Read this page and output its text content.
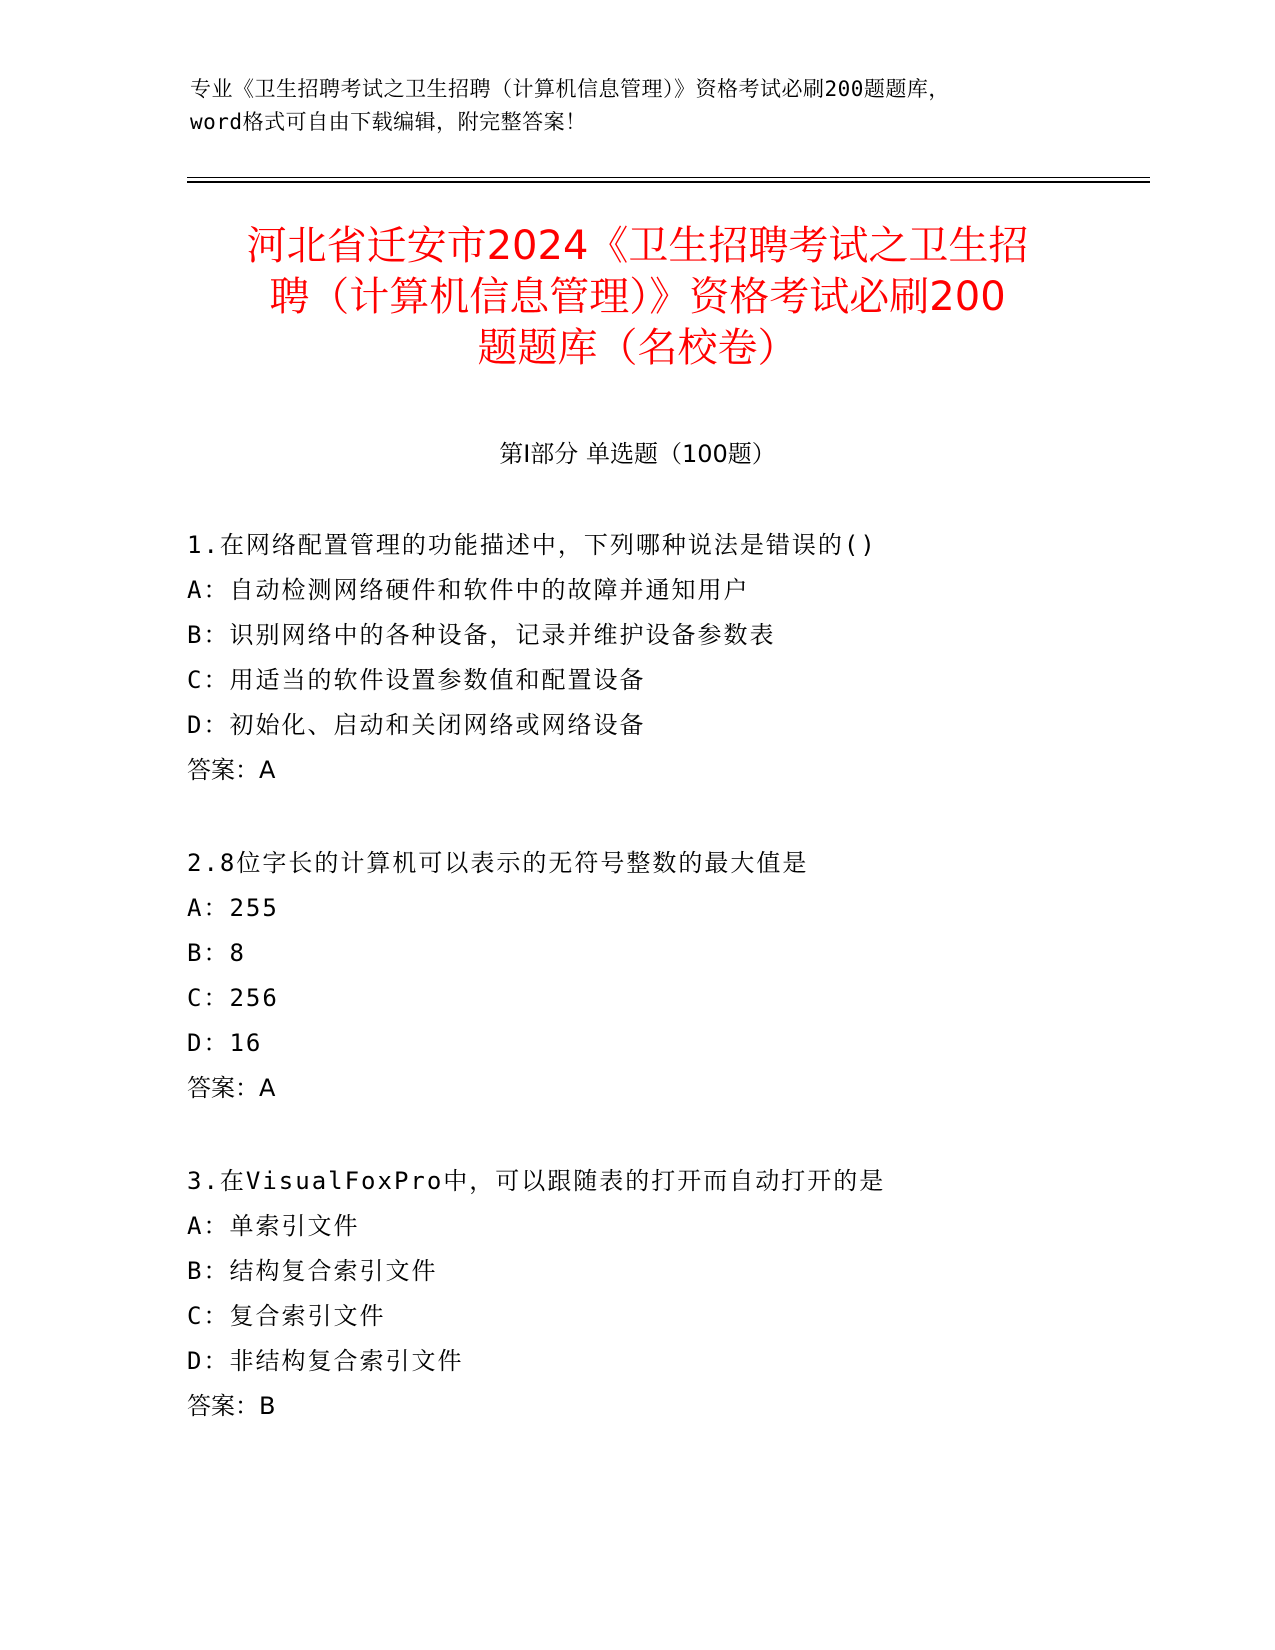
专业《卫生招聘考试之卫生招聘（计算机信息管理）》资格考试必刷200题题库，
word格式可自由下载编辑，附完整答案！
河北省迁安市2024《卫生招聘考试之卫生招
聘（计算机信息管理）》资格考试必刷200
题题库（名校卷）
第Ⅰ部分 单选题（100题）
1.在网络配置管理的功能描述中，下列哪种说法是错误的()
A：自动检测网络硬件和软件中的故障并通知用户
B：识别网络中的各种设备，记录并维护设备参数表
C：用适当的软件设置参数值和配置设备
D：初始化、启动和关闭网络或网络设备
答案：A
2.8位字长的计算机可以表示的无符号整数的最大值是
A：255
B：8
C：256
D：16
答案：A
3.在VisualFoxPro中，可以跟随表的打开而自动打开的是
A：单索引文件
B：结构复合索引文件
C：复合索引文件
D：非结构复合索引文件
答案：B
